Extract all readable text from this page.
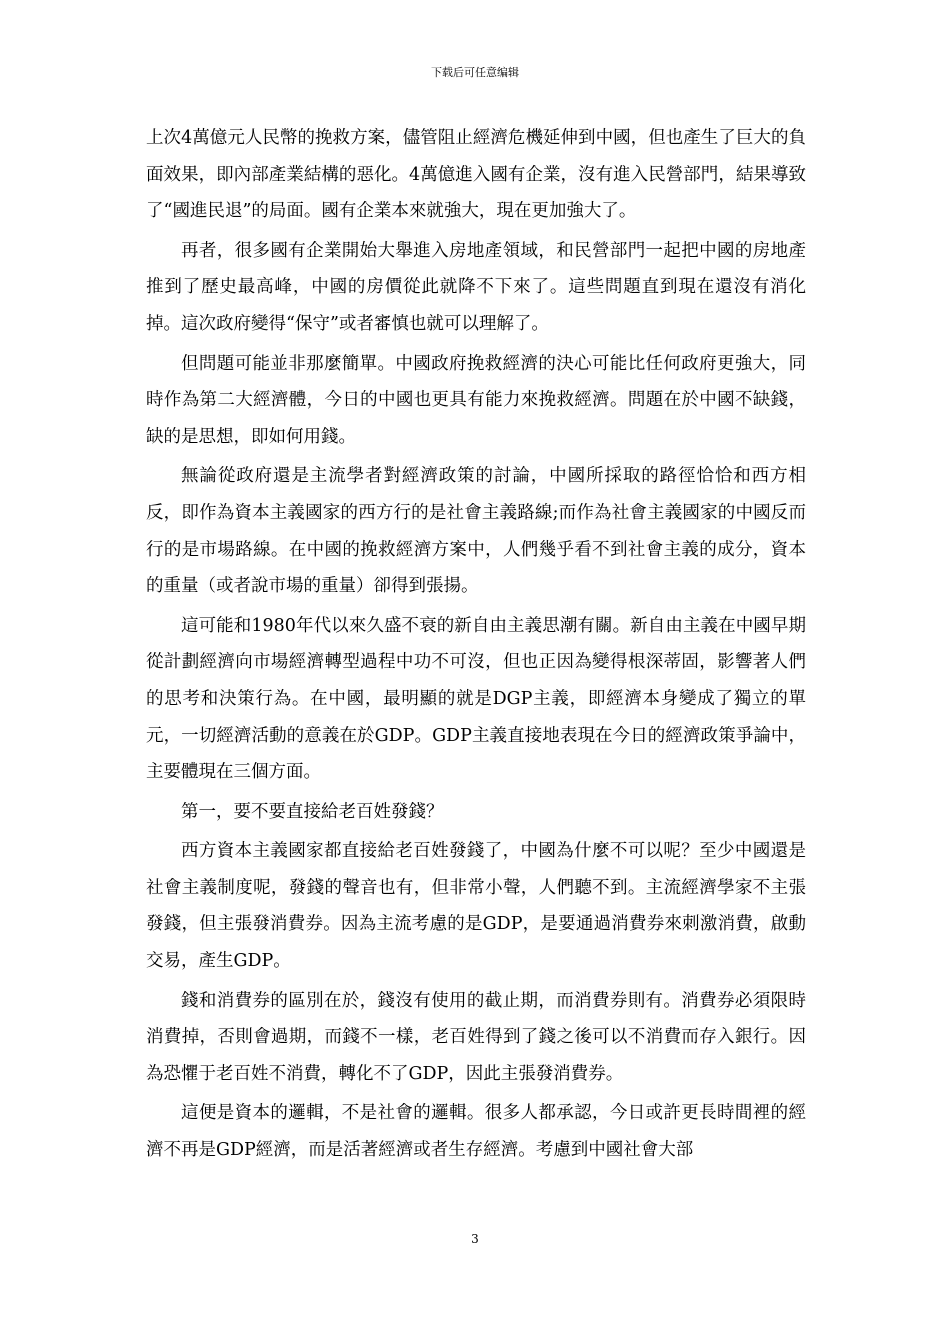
下载后可任意编辑

上次4萬億元人民幣的挽救方案，儘管阻止經濟危機延伸到中國，但也產生了巨大的負面效果，即內部產業結構的惡化。4萬億進入國有企業，沒有進入民營部門，結果導致了“國進民退”的局面。國有企業本來就強大，現在更加強大了。

再者，很多國有企業開始大舉進入房地產領域，和民營部門一起把中國的房地產推到了歷史最高峰，中國的房價從此就降不下來了。這些問題直到現在還沒有消化掉。這次政府變得“保守”或者審慎也就可以理解了。

但問題可能並非那麼簡單。中國政府挽救經濟的決心可能比任何政府更強大，同時作為第二大經濟體，今日的中國也更具有能力來挽救經濟。問題在於中國不缺錢，缺的是思想，即如何用錢。

無論從政府還是主流學者對經濟政策的討論，中國所採取的路徑恰恰和西方相反，即作為資本主義國家的西方行的是社會主義路線;而作為社會主義國家的中國反而行的是市場路線。在中國的挽救經濟方案中，人們幾乎看不到社會主義的成分，資本的重量（或者說市場的重量）卻得到張揚。

這可能和1980年代以來久盛不衰的新自由主義思潮有關。新自由主義在中國早期從計劃經濟向市場經濟轉型過程中功不可沒，但也正因為變得根深蒂固，影響著人們的思考和決策行為。在中國，最明顯的就是DGP主義，即經濟本身變成了獨立的單元，一切經濟活動的意義在於GDP。GDP主義直接地表現在今日的經濟政策爭論中，主要體現在三個方面。

第一，要不要直接給老百姓發錢？

西方資本主義國家都直接給老百姓發錢了，中國為什麼不可以呢？至少中國還是社會主義制度呢，發錢的聲音也有，但非常小聲，人們聽不到。主流經濟學家不主張發錢，但主張發消費券。因為主流考慮的是GDP，是要通過消費券來刺激消費，啟動交易，產生GDP。

錢和消費券的區別在於，錢沒有使用的截止期，而消費券則有。消費券必須限時消費掉，否則會過期，而錢不一樣，老百姓得到了錢之後可以不消費而存入銀行。因為恐懼于老百姓不消費，轉化不了GDP，因此主張發消費券。

這便是資本的邏輯，不是社會的邏輯。很多人都承認，今日或許更長時間裡的經濟不再是GDP經濟，而是活著經濟或者生存經濟。考慮到中國社會大部

3
